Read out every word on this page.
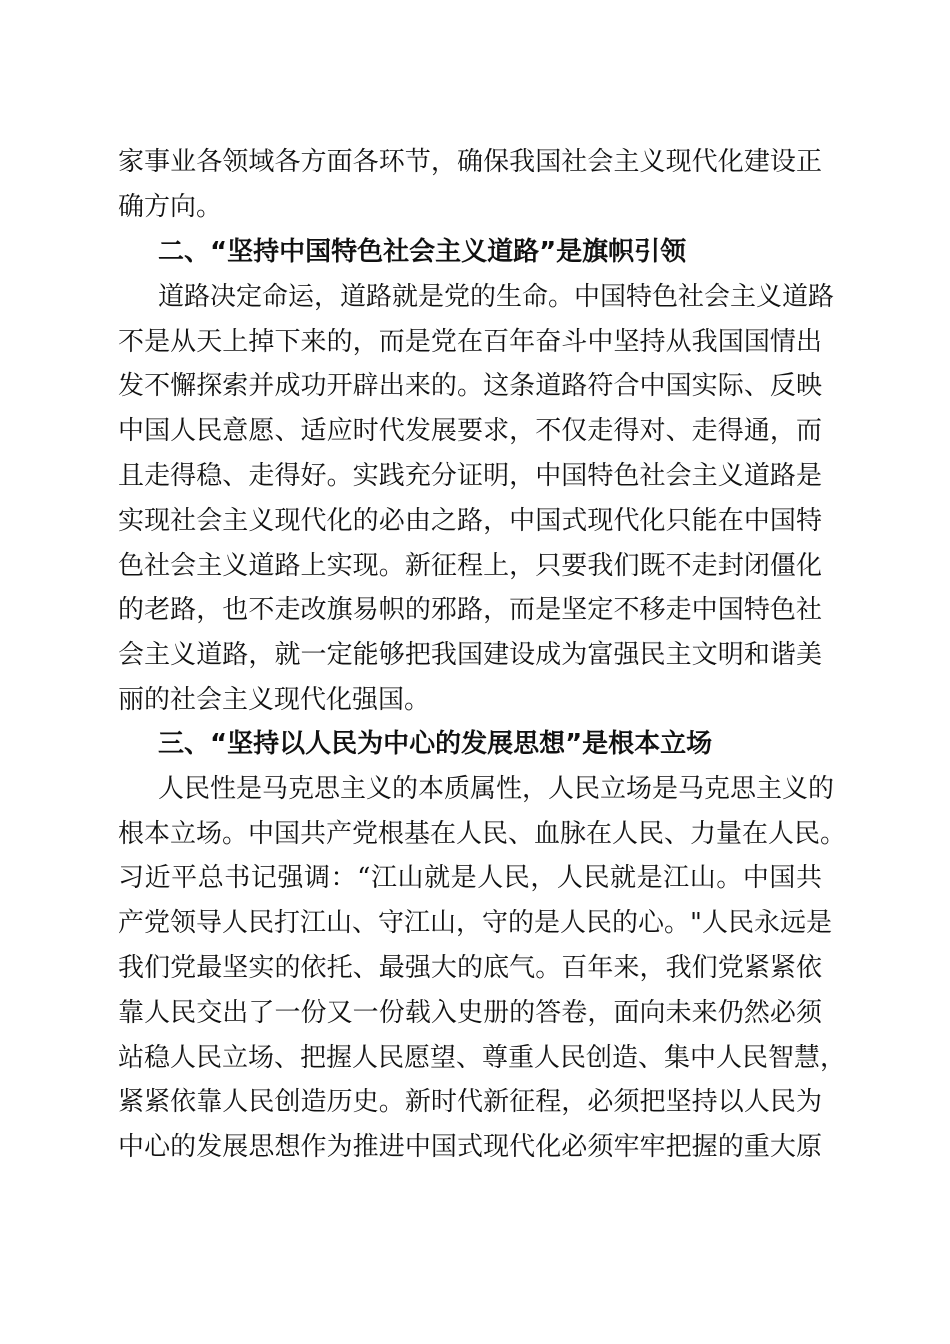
家事业各领域各方面各环节，确保我国社会主义现代化建设正
确方向。
二、“坚持中国特色社会主义道路”是旗帜引领
道路决定命运，道路就是党的生命。中国特色社会主义道路
不是从天上掉下来的，而是党在百年奋斗中坚持从我国国情出
发不懈探索并成功开辟出来的。这条道路符合中国实际、反映
中国人民意愿、适应时代发展要求，不仅走得对、走得通，而
且走得稳、走得好。实践充分证明，中国特色社会主义道路是
实现社会主义现代化的必由之路，中国式现代化只能在中国特
色社会主义道路上实现。新征程上，只要我们既不走封闭僵化
的老路，也不走改旗易帜的邪路，而是坚定不移走中国特色社
会主义道路，就一定能够把我国建设成为富强民主文明和谐美
丽的社会主义现代化强国。
三、“坚持以人民为中心的发展思想”是根本立场
人民性是马克思主义的本质属性，人民立场是马克思主义的
根本立场。中国共产党根基在人民、血脉在人民、力量在人民。
习近平总书记强调：“江山就是人民，人民就是江山。中国共
产党领导人民打江山、守江山，守的是人民的心。"人民永远是
我们党最坚实的依托、最强大的底气。百年来，我们党紧紧依
靠人民交出了一份又一份载入史册的答卷，面向未来仍然必须
站稳人民立场、把握人民愿望、尊重人民创造、集中人民智慧，
紧紧依靠人民创造历史。新时代新征程，必须把坚持以人民为
中心的发展思想作为推进中国式现代化必须牢牢把握的重大原
